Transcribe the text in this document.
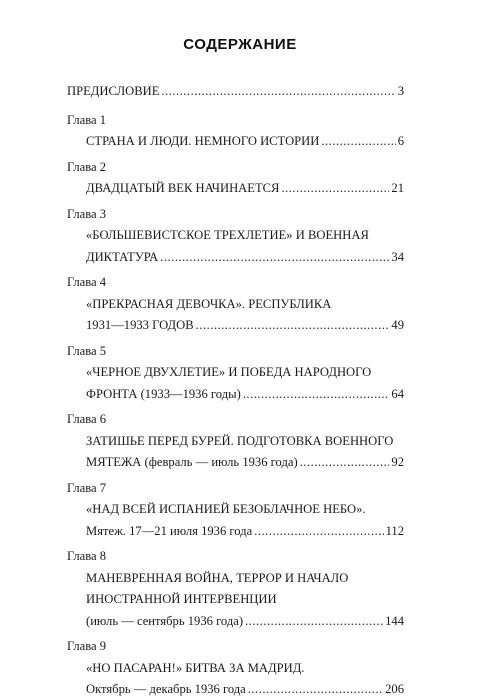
СОДЕРЖАНИЕ
ПРЕДИСЛОВИЕ .....	3
Глава 1
СТРАНА И ЛЮДИ. НЕМНОГО ИСТОРИИ .....	6
Глава 2
ДВАДЦАТЫЙ ВЕК НАЧИНАЕТСЯ .....	21
Глава 3
«БОЛЬШЕВИСТСКОЕ ТРЕХЛЕТИЕ» И ВОЕННАЯ
ДИКТАТУРА .....	34
Глава 4
«ПРЕКРАСНАЯ ДЕВОЧКА». РЕСПУБЛИКА
1931—1933 ГОДОВ .....	49
Глава 5
«ЧЕРНОЕ ДВУХЛЕТИЕ» И ПОБЕДА НАРОДНОГО
ФРОНТА (1933—1936 годы) .....	64
Глава 6
ЗАТИШЬЕ ПЕРЕД БУРЕЙ. ПОДГОТОВКА ВОЕННОГО
МЯТЕЖА (февраль — июль 1936 года) .....	92
Глава 7
«НАД ВСЕЙ ИСПАНИЕЙ БЕЗОБЛАЧНОЕ НЕБО».
Мятеж. 17—21 июля 1936 года .....	112
Глава 8
МАНЕВРЕННАЯ ВОЙНА, ТЕРРОР И НАЧАЛО
ИНОСТРАННОЙ ИНТЕРВЕНЦИИ
(июль — сентябрь 1936 года) .....	144
Глава 9
«НО ПАСАРАН!» БИТВА ЗА МАДРИД.
Октябрь — декабрь 1936 года .....	206
